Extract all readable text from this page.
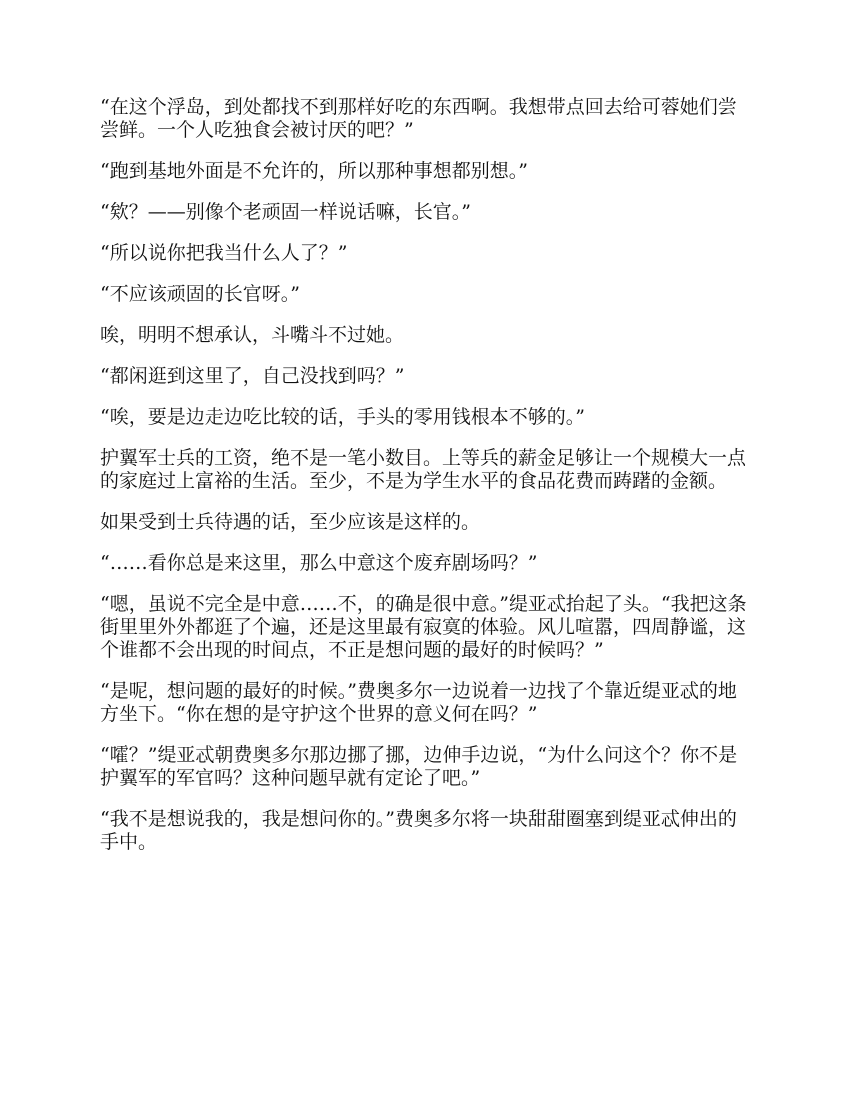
“在这个浮岛，到处都找不到那样好吃的东西啊。我想带点回去给可蓉她们尝尝鲜。一个人吃独食会被讨厌的吧？”

“跑到基地外面是不允许的，所以那种事想都别想。”

“欸？——别像个老顽固一样说话嘛，长官。”

“所以说你把我当什么人了？”

“不应该顽固的长官呀。”

唉，明明不想承认，斗嘴斗不过她。

“都闲逛到这里了，自己没找到吗？”

“唉，要是边走边吃比较的话，手头的零用钱根本不够的。”

护翼军士兵的工资，绝不是一笔小数目。上等兵的薪金足够让一个规模大一点的家庭过上富裕的生活。至少，不是为学生水平的食品花费而踌躇的金额。

如果受到士兵待遇的话，至少应该是这样的。

“……看你总是来这里，那么中意这个废弃剧场吗？”

“嗯，虽说不完全是中意……不，的确是很中意。”缇亚忒抬起了头。“我把这条街里里外外都逛了个遍，还是这里最有寂寞的体验。风儿喧嚣，四周静谧，这个谁都不会出现的时间点，不正是想问题的最好的时候吗？”

“是呢，想问题的最好的时候。”费奥多尔一边说着一边找了个靠近缇亚忒的地方坐下。“你在想的是守护这个世界的意义何在吗？”

“嚯？”缇亚忒朝费奥多尔那边挪了挪，边伸手边说，“为什么问这个？你不是护翼军的军官吗？这种问题早就有定论了吧。”

“我不是想说我的，我是想问你的。”费奥多尔将一块甜甜圈塞到缇亚忒伸出的手中。
